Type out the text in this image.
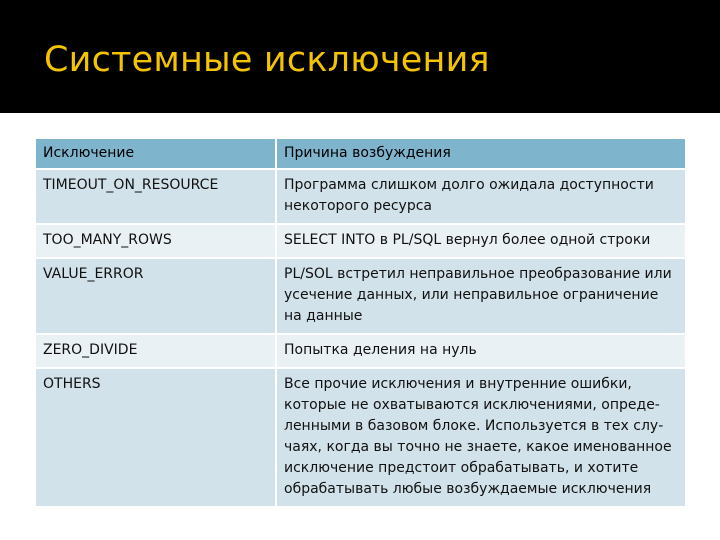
Системные исключения
Исключение	Причина возбуждения
TIMEOUT_ON_RESOURCE	Программа слишком долго ожидала доступности некоторого ресурса
TOO_MANY_ROWS	SELECT INTO в PL/SQL вернул более одной строки
VALUE_ERROR	PL/SOL встретил неправильное преобразование или усечение данных, или неправильное ограничение на данные
ZERO_DIVIDE	Попытка деления на нуль
OTHERS	Все прочие исключения и внутренние ошибки, которые не охватываются исключениями, опреде-ленными в базовом блоке. Используется в тех слу-чаях, когда вы точно не знаете, какое именованное исключение предстоит обрабатывать, и хотите обрабатывать любые возбуждаемые исключения
